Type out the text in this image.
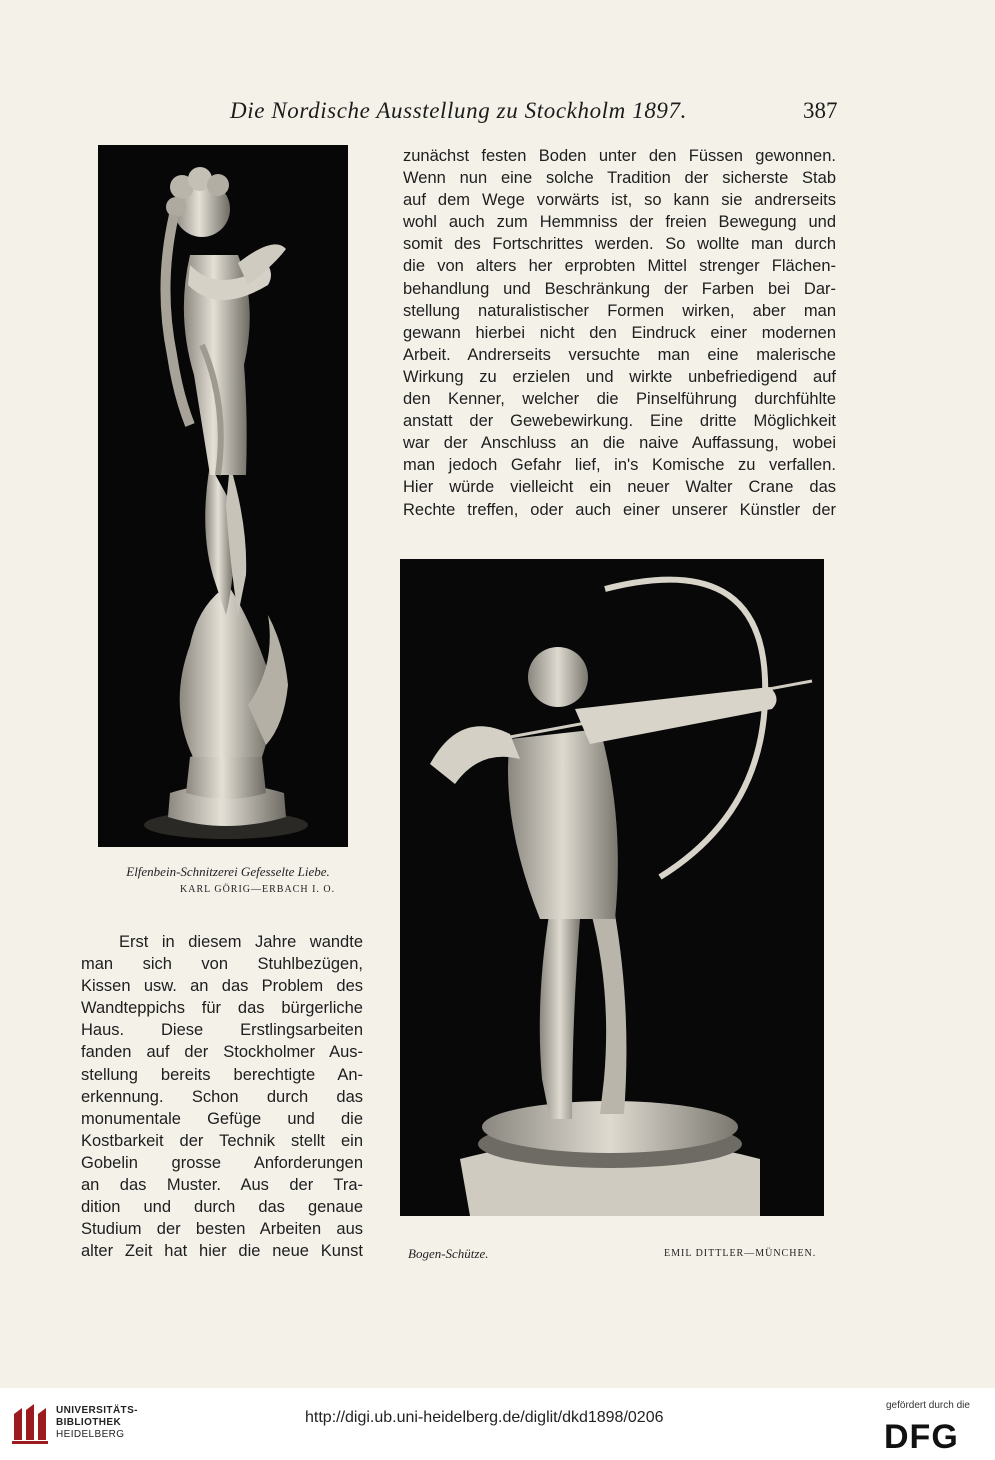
Die Nordische Ausstellung zu Stockholm 1897.	387
Elfenbein-Schnitzerei Gefesselte Liebe.
KARL GÖRIG—ERBACH I. O.

zunächst festen Boden unter den Füssen gewonnen.
Wenn nun eine solche Tradition der sicherste Stab
auf dem Wege vorwärts ist, so kann sie andrerseits
wohl auch zum Hemmniss der freien Bewegung und
somit des Fortschrittes werden. So wollte man durch
die von alters her erprobten Mittel strenger Flächen-
behandlung und Beschränkung der Farben bei Dar-
stellung naturalistischer Formen wirken, aber man
gewann hierbei nicht den Eindruck einer modernen
Arbeit. Andrerseits versuchte man eine malerische
Wirkung zu erzielen und wirkte unbefriedigend auf
den Kenner, welcher die Pinselführung durchfühlte
anstatt der Gewebewirkung. Eine dritte Möglichkeit
war der Anschluss an die naive Auffassung, wobei
man jedoch Gefahr lief, in's Komische zu verfallen.
Hier würde vielleicht ein neuer Walter Crane das
Rechte treffen, oder auch einer unserer Künstler der

Bogen-Schütze.	EMIL DITTLER—MÜNCHEN.

Erst in diesem Jahre wandte
man sich von Stuhlbezügen,
Kissen usw. an das Problem des
Wandteppichs für das bürgerliche
Haus. Diese Erstlingsarbeiten
fanden auf der Stockholmer Aus-
stellung bereits berechtigte An-
erkennung. Schon durch das
monumentale Gefüge und die
Kostbarkeit der Technik stellt ein
Gobelin grosse Anforderungen
an das Muster. Aus der Tra-
dition und durch das genaue
Studium der besten Arbeiten aus
alter Zeit hat hier die neue Kunst

UNIVERSITÄTS-
BIBLIOTHEK
HEIDELBERG
http://digi.ub.uni-heidelberg.de/diglit/dkd1898/0206
gefördert durch die
DFG
